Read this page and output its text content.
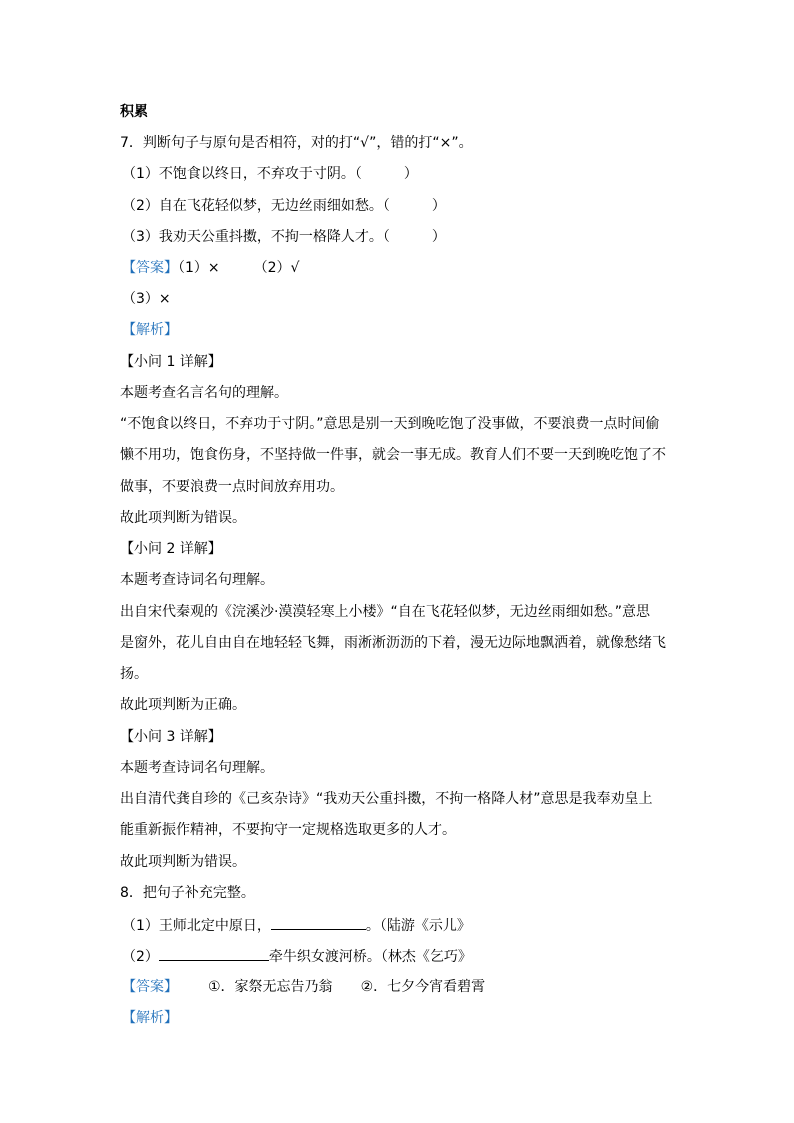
积累
7．判断句子与原句是否相符，对的打“√”，错的打“×”。
（1）不饱食以终日，不弃攻于寸阴。（　　　）
（2）自在飞花轻似梦，无边丝雨细如愁。（　　　）
（3）我劝天公重抖擞，不拘一格降人才。（　　　）
【答案】（1）× （2）√
（3）×
【解析】
【小问 1 详解】
本题考查名言名句的理解。
“不饱食以终日，不弃功于寸阴。”意思是别一天到晚吃饱了没事做，不要浪费一点时间偷
懒不用功，饱食伤身，不坚持做一件事，就会一事无成。教育人们不要一天到晚吃饱了不
做事，不要浪费一点时间放弃用功。
故此项判断为错误。
【小问 2 详解】
本题考查诗词名句理解。
出自宋代秦观的《浣溪沙·漠漠轻寒上小楼》“自在飞花轻似梦，无边丝雨细如愁。”意思
是窗外，花儿自由自在地轻轻飞舞，雨淅淅沥沥的下着，漫无边际地飘洒着，就像愁绪飞
扬。
故此项判断为正确。
【小问 3 详解】
本题考查诗词名句理解。
出自清代龚自珍的《己亥杂诗》“我劝天公重抖擞，不拘一格降人材”意思是我奉劝皇上
能重新振作精神，不要拘守一定规格选取更多的人才。
故此项判断为错误。
8．把句子补充完整。
（1）王师北定中原日，	。（陆游《示儿》
（2）	牵牛织女渡河桥。（林杰《乞巧》
【答案】 ①．家祭无忘告乃翁 ②．七夕今宵看碧霄
【解析】
